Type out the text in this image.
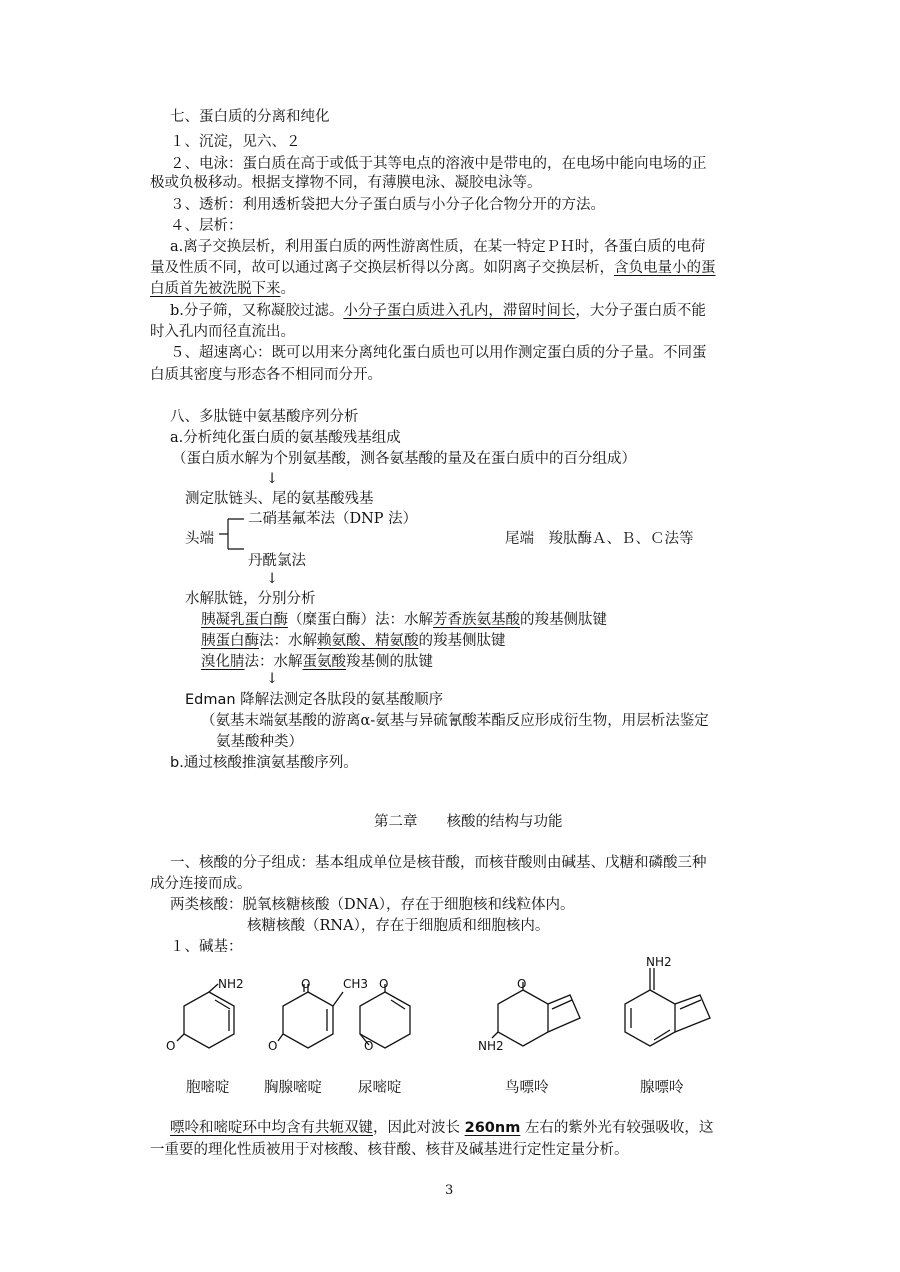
七、蛋白质的分离和纯化
１、沉淀，见六、２
２、电泳：蛋白质在高于或低于其等电点的溶液中是带电的，在电场中能向电场的正
极或负极移动。根据支撑物不同，有薄膜电泳、凝胶电泳等。
３、透析：利用透析袋把大分子蛋白质与小分子化合物分开的方法。
４、层析：
a.离子交换层析，利用蛋白质的两性游离性质，在某一特定ＰＨ时，各蛋白质的电荷
量及性质不同，故可以通过离子交换层析得以分离。如阴离子交换层析，含负电量小的蛋
白质首先被洗脱下来。
b.分子筛，又称凝胶过滤。小分子蛋白质进入孔内，滞留时间长，大分子蛋白质不能
时入孔内而径直流出。
５、超速离心：既可以用来分离纯化蛋白质也可以用作测定蛋白质的分子量。不同蛋
白质其密度与形态各不相同而分开。
八、多肽链中氨基酸序列分析
a.分析纯化蛋白质的氨基酸残基组成
（蛋白质水解为个别氨基酸，测各氨基酸的量及在蛋白质中的百分组成）
↓
测定肽链头、尾的氨基酸残基
二硝基氟苯法（DNP 法）
头端	尾端　羧肽酶Ａ、Ｂ、Ｃ法等
丹酰氯法
↓
水解肽链，分别分析
胰凝乳蛋白酶（糜蛋白酶）法：水解芳香族氨基酸的羧基侧肽键
胰蛋白酶法：水解赖氨酸、精氨酸的羧基侧肽键
溴化腈法：水解蛋氨酸羧基侧的肽键
↓
Edman 降解法测定各肽段的氨基酸顺序
（氨基末端氨基酸的游离α-氨基与异硫氰酸苯酯反应形成衍生物，用层析法鉴定
氨基酸种类）
b.通过核酸推演氨基酸序列。
第二章　　核酸的结构与功能
一、核酸的分子组成：基本组成单位是核苷酸，而核苷酸则由碱基、戊糖和磷酸三种
成分连接而成。
两类核酸：脱氧核糖核酸（DNA），存在于细胞核和线粒体内。
核糖核酸（RNA），存在于细胞质和细胞核内。
１、碱基：
NH2
O
O	CH3
O
O
O
O
NH2
NH2
胞嘧啶 胸腺嘧啶 尿嘧啶	鸟嘌呤	腺嘌呤
嘌呤和嘧啶环中均含有共轭双键，因此对波长 260nm 左右的紫外光有较强吸收，这
一重要的理化性质被用于对核酸、核苷酸、核苷及碱基进行定性定量分析。
3
